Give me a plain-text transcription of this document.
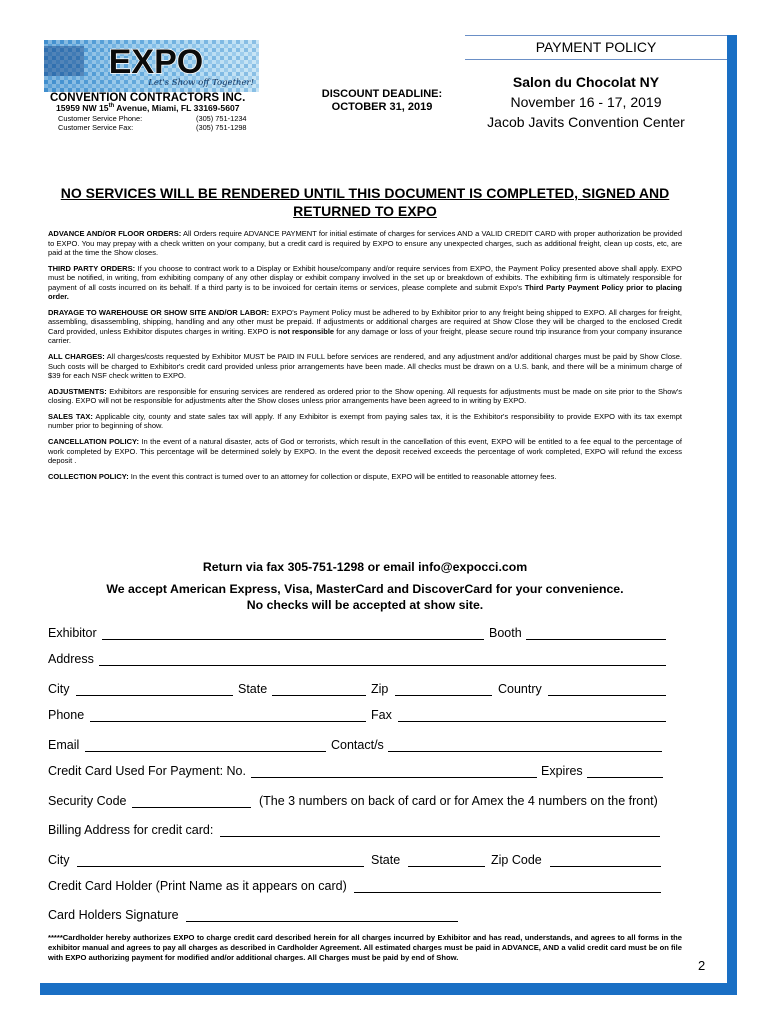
EXPO
Let's Show off Together!
CONVENTION CONTRACTORS INC.
15959 NW 15th Avenue, Miami, FL 33169-5607
Customer Service Phone:	(305) 751-1234
Customer Service Fax:	(305) 751-1298
DISCOUNT DEADLINE:
OCTOBER 31, 2019
PAYMENT POLICY
Salon du Chocolat NY
November 16 - 17, 2019
Jacob Javits Convention Center
NO SERVICES WILL BE RENDERED UNTIL THIS DOCUMENT IS COMPLETED, SIGNED AND RETURNED TO EXPO

ADVANCE AND/OR FLOOR ORDERS: All Orders require ADVANCE PAYMENT for initial estimate of charges for services AND a VALID CREDIT CARD with proper authorization be provided to EXPO. You may prepay with a check written on your company, but a credit card is required by EXPO to ensure any unexpected charges, such as additional freight, clean up costs, etc, are paid at the time the Show closes.

THIRD PARTY ORDERS: If you choose to contract work to a Display or Exhibit house/company and/or require services from EXPO, the Payment Policy presented above shall apply. EXPO must be notified, in writing, from exhibiting company of any other display or exhibit company involved in the set up or breakdown of exhibits. The exhibiting firm is ultimately responsible for payment of all costs incurred on its behalf. If a third party is to be invoiced for certain items or services, please complete and submit Expo's Third Party Payment Policy prior to placing order.

DRAYAGE TO WAREHOUSE OR SHOW SITE AND/OR LABOR: EXPO's Payment Policy must be adhered to by Exhibitor prior to any freight being shipped to EXPO. All charges for freight, assembling, disassembling, shipping, handling and any other must be prepaid. If adjustments or additional charges are required at Show Close they will be charged to the enclosed Credit Card provided, unless Exhibitor disputes charges in writing. EXPO is not responsible for any damage or loss of your freight, please secure round trip insurance from your company insurance carrier.

ALL CHARGES: All charges/costs requested by Exhibitor MUST be PAID IN FULL before services are rendered, and any adjustment and/or additional charges must be paid by Show Close. Such costs will be charged to Exhibitor's credit card provided unless prior arrangements have been made. All checks must be drawn on a U.S. bank, and there will be a minimum charge of $39 for each NSF check written to EXPO.

ADJUSTMENTS: Exhibitors are responsible for ensuring services are rendered as ordered prior to the Show opening. All requests for adjustments must be made on site prior to the Show's closing. EXPO will not be responsible for adjustments after the Show closes unless prior arrangements have been agreed to in writing by EXPO.

SALES TAX: Applicable city, county and state sales tax will apply. If any Exhibitor is exempt from paying sales tax, it is the Exhibitor's responsibility to provide EXPO with its tax exempt number prior to beginning of show.

CANCELLATION POLICY: In the event of a natural disaster, acts of God or terrorists, which result in the cancellation of this event, EXPO will be entitled to a fee equal to the percentage of work completed by EXPO. This percentage will be determined solely by EXPO. In the event the deposit received exceeds the percentage of work completed, EXPO will refund the excess deposit .

COLLECTION POLICY: In the event this contract is turned over to an attorney for collection or dispute, EXPO will be entitled to reasonable attorney fees.

Return via fax 305-751-1298 or email info@expocci.com
We accept American Express, Visa, MasterCard and DiscoverCard for your convenience.
No checks will be accepted at show site.
Exhibitor	Booth
Address
City	State	Zip	Country
Phone	Fax
Email	Contact/s
Credit Card Used For Payment: No.	Expires
Security Code	(The 3 numbers on back of card or for Amex the 4 numbers on the front)
Billing Address for credit card:
City	State	Zip Code
Credit Card Holder (Print Name as it appears on card)
Card Holders Signature
*****Cardholder hereby authorizes EXPO to charge credit card described herein for all charges incurred by Exhibitor and has read, understands, and agrees to all forms in the exhibitor manual and agrees to pay all charges as described in Cardholder Agreement. All estimated charges must be paid in ADVANCE, AND a valid credit card must be on file with EXPO authorizing payment for modified and/or additional charges. All Charges must be paid by end of Show.
2
